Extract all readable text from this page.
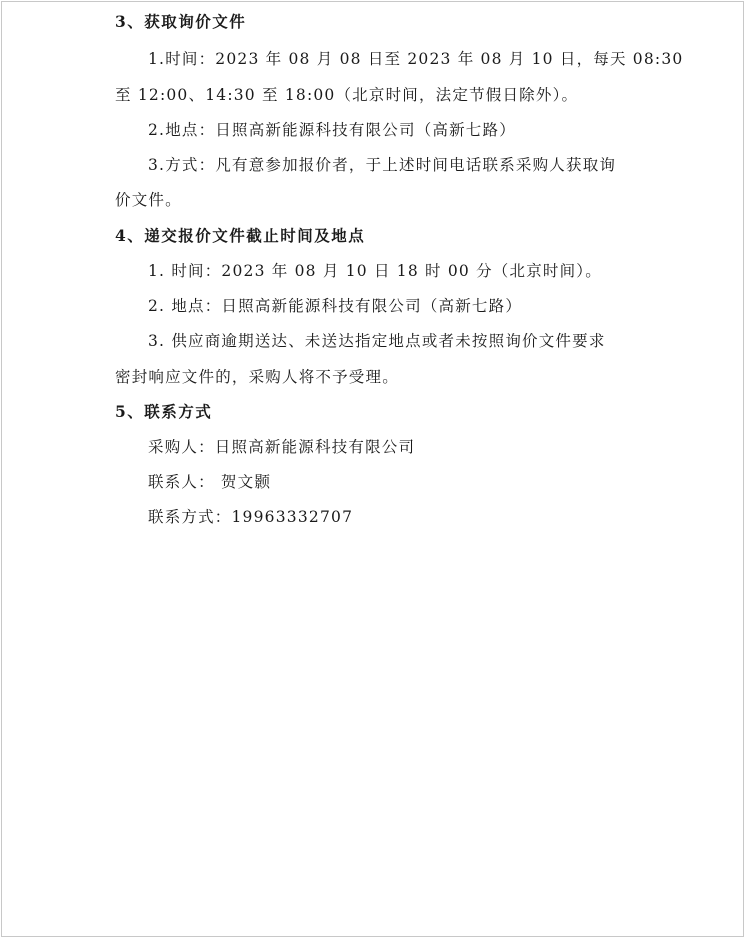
3、获取询价文件
1.时间：2023 年 08 月 08 日至 2023 年 08 月 10 日，每天 08:30
至 12:00、14:30 至 18:00（北京时间，法定节假日除外）。
2.地点：日照高新能源科技有限公司（高新七路）
3.方式：凡有意参加报价者，于上述时间电话联系采购人获取询
价文件。
4、递交报价文件截止时间及地点
1. 时间：2023 年 08 月 10 日 18 时 00 分（北京时间）。
2. 地点：日照高新能源科技有限公司（高新七路）
3. 供应商逾期送达、未送达指定地点或者未按照询价文件要求
密封响应文件的，采购人将不予受理。
5、联系方式
采购人：日照高新能源科技有限公司
联系人： 贺文颢
联系方式：19963332707
